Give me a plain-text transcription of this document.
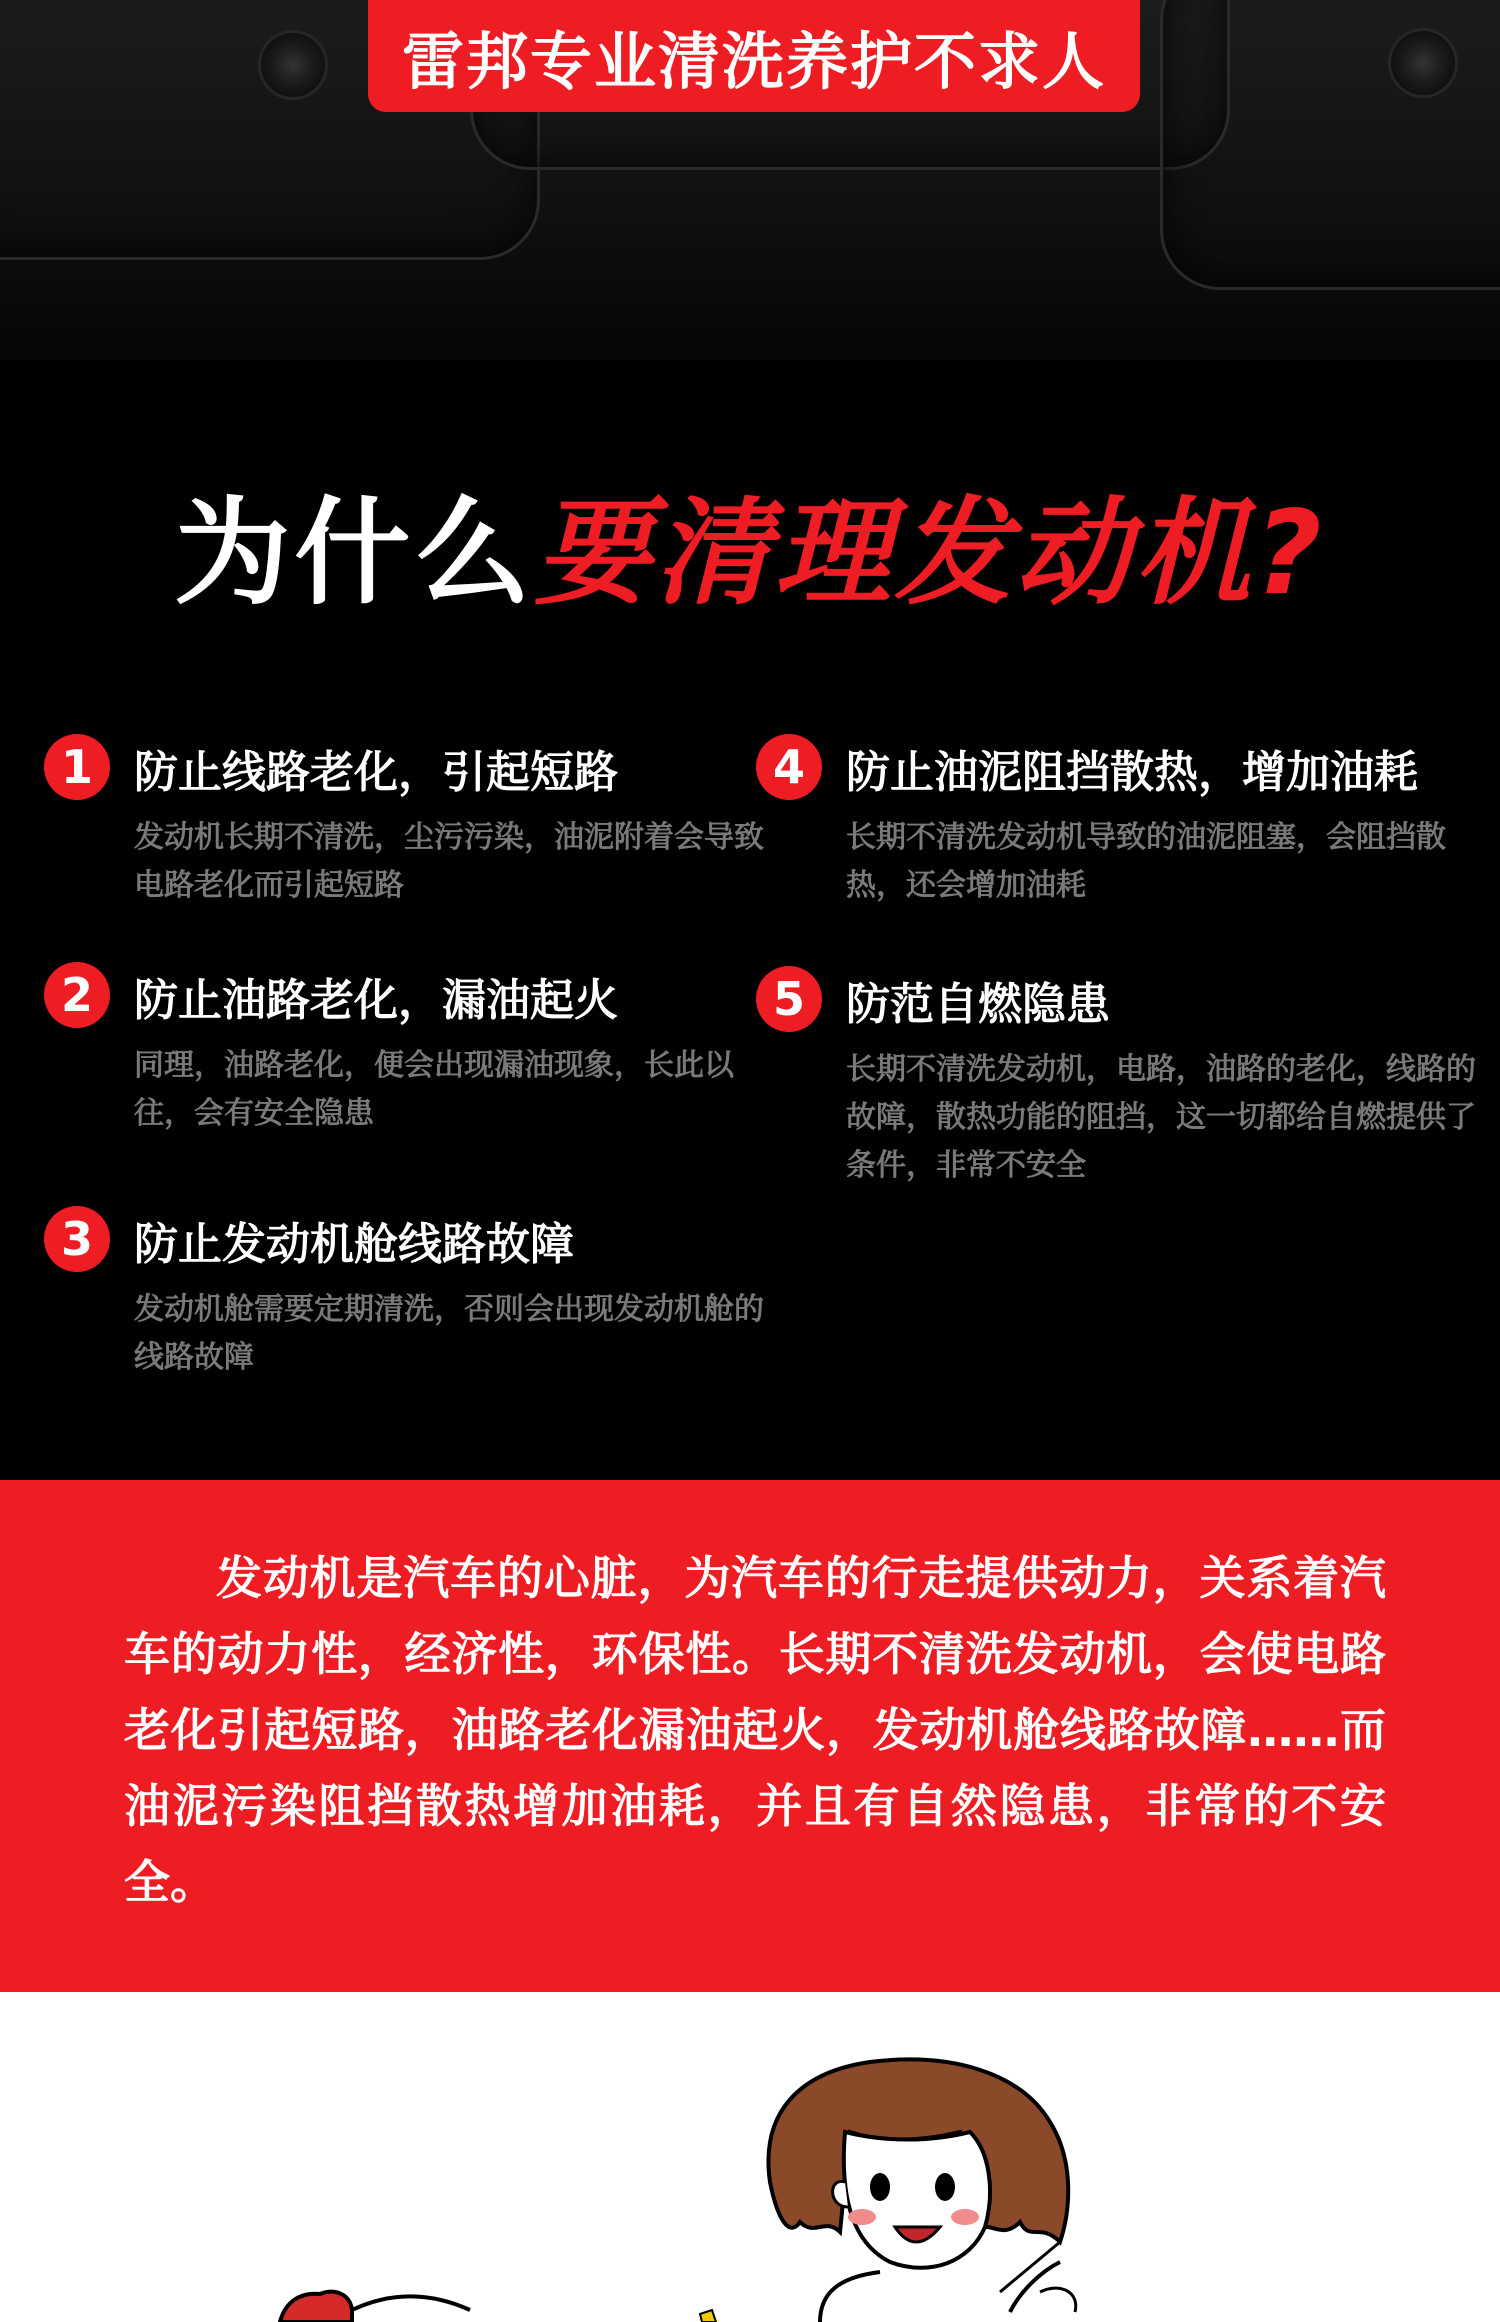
雷邦专业清洗养护不求人
为什么要清理发动机?
1 防止线路老化，引起短路
发动机长期不清洗，尘污污染，油泥附着会导致电路老化而引起短路
2 防止油路老化，漏油起火
同理，油路老化，便会出现漏油现象，长此以往，会有安全隐患
3 防止发动机舱线路故障
发动机舱需要定期清洗，否则会出现发动机舱的线路故障
4 防止油泥阻挡散热，增加油耗
长期不清洗发动机导致的油泥阻塞，会阻挡散热，还会增加油耗
5 防范自燃隐患
长期不清洗发动机，电路，油路的老化，线路的故障，散热功能的阻挡，这一切都给自燃提供了条件，非常不安全

发动机是汽车的心脏，为汽车的行走提供动力，关系着汽车的动力性，经济性，环保性。长期不清洗发动机，会使电路老化引起短路，油路老化漏油起火，发动机舱线路故障……而油泥污染阻挡散热增加油耗，并且有自然隐患，非常的不安全。
